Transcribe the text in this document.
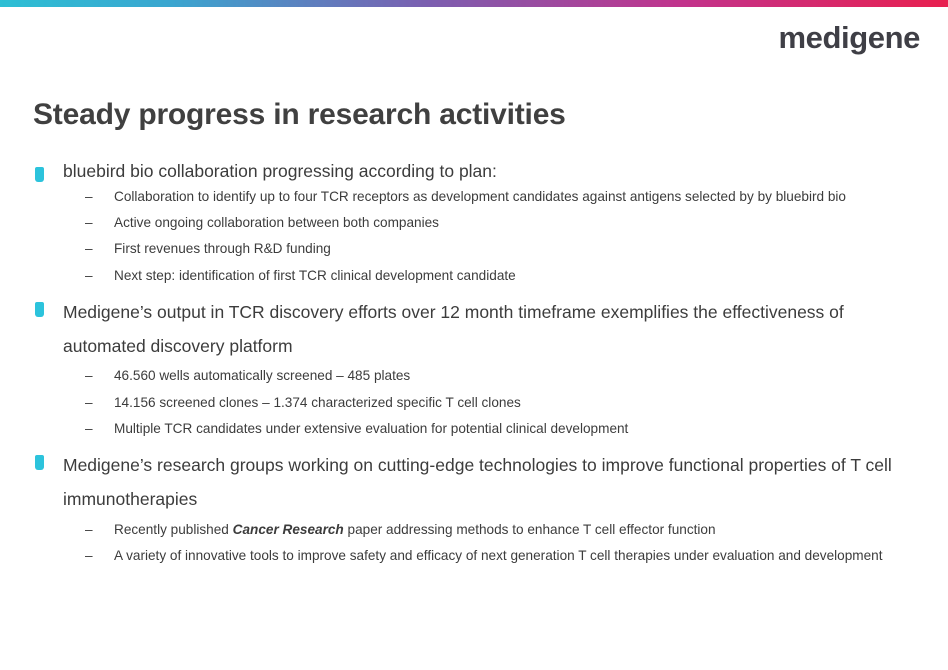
medigene
Steady progress in research activities
bluebird bio collaboration progressing according to plan:
– Collaboration to identify up to four TCR receptors as development candidates against antigens selected by by bluebird bio
– Active ongoing collaboration between both companies
– First revenues through R&D funding
– Next step: identification of first TCR clinical development candidate
Medigene’s output in TCR discovery efforts over 12 month timeframe exemplifies the effectiveness of automated discovery platform
– 46.560 wells automatically screened – 485 plates
– 14.156 screened clones – 1.374 characterized specific T cell clones
– Multiple TCR candidates under extensive evaluation for potential clinical development
Medigene’s research groups working on cutting-edge technologies to improve functional properties of T cell immunotherapies
– Recently published Cancer Research paper addressing methods to enhance T cell effector function
– A variety of innovative tools to improve safety and efficacy of next generation T cell therapies under evaluation and development
